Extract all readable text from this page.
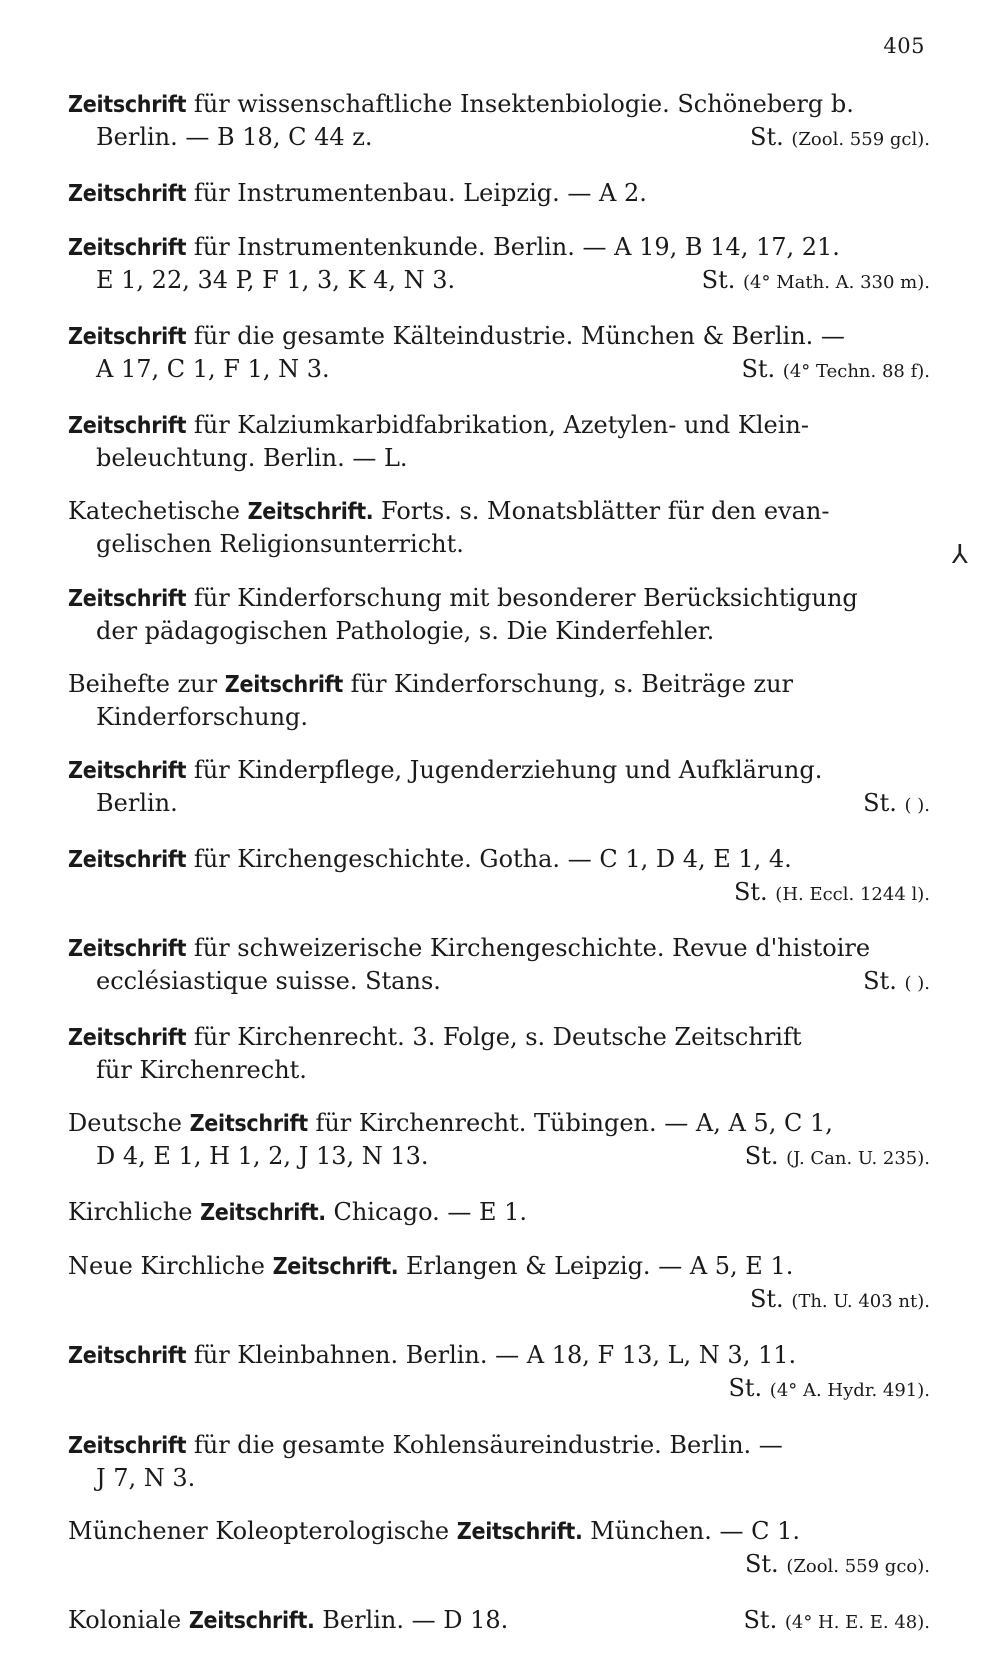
405
Zeitschrift für wissenschaftliche Insektenbiologie. Schöneberg b.
Berlin. — B 18, C 44 z.	St. (Zool. 559 gcl).
Zeitschrift für Instrumentenbau. Leipzig. — A 2.
Zeitschrift für Instrumentenkunde. Berlin. — A 19, B 14, 17, 21.
E 1, 22, 34 P, F 1, 3, K 4, N 3.	St. (4° Math. A. 330 m).
Zeitschrift für die gesamte Kälteindustrie. München & Berlin. —
A 17, C 1, F 1, N 3.	St. (4° Techn. 88 f).
Zeitschrift für Kalziumkarbidfabrikation, Azetylen- und Klein-
beleuchtung. Berlin. — L.
Katechetische Zeitschrift. Forts. s. Monatsblätter für den evan-
gelischen Religionsunterricht.
Zeitschrift für Kinderforschung mit besonderer Berücksichtigung
der pädagogischen Pathologie, s. Die Kinderfehler.
Beihefte zur Zeitschrift für Kinderforschung, s. Beiträge zur
Kinderforschung.
Zeitschrift für Kinderpflege, Jugenderziehung und Aufklärung.
Berlin.	St. ( ).
Zeitschrift für Kirchengeschichte. Gotha. — C 1, D 4, E 1, 4.
St. (H. Eccl. 1244 l).
Zeitschrift für schweizerische Kirchengeschichte. Revue d'histoire
ecclésiastique suisse. Stans.	St. ( ).
Zeitschrift für Kirchenrecht. 3. Folge, s. Deutsche Zeitschrift
für Kirchenrecht.
Deutsche Zeitschrift für Kirchenrecht. Tübingen. — A, A 5, C 1,
D 4, E 1, H 1, 2, J 13, N 13.	St. (J. Can. U. 235).
Kirchliche Zeitschrift. Chicago. — E 1.
Neue Kirchliche Zeitschrift. Erlangen & Leipzig. — A 5, E 1.
St. (Th. U. 403 nt).
Zeitschrift für Kleinbahnen. Berlin. — A 18, F 13, L, N 3, 11.
St. (4° A. Hydr. 491).
Zeitschrift für die gesamte Kohlensäureindustrie. Berlin. —
J 7, N 3.
Münchener Koleopterologische Zeitschrift. München. — C 1.
St. (Zool. 559 gco).
Koloniale Zeitschrift. Berlin. — D 18.	St. (4° H. E. E. 48).
⅄
